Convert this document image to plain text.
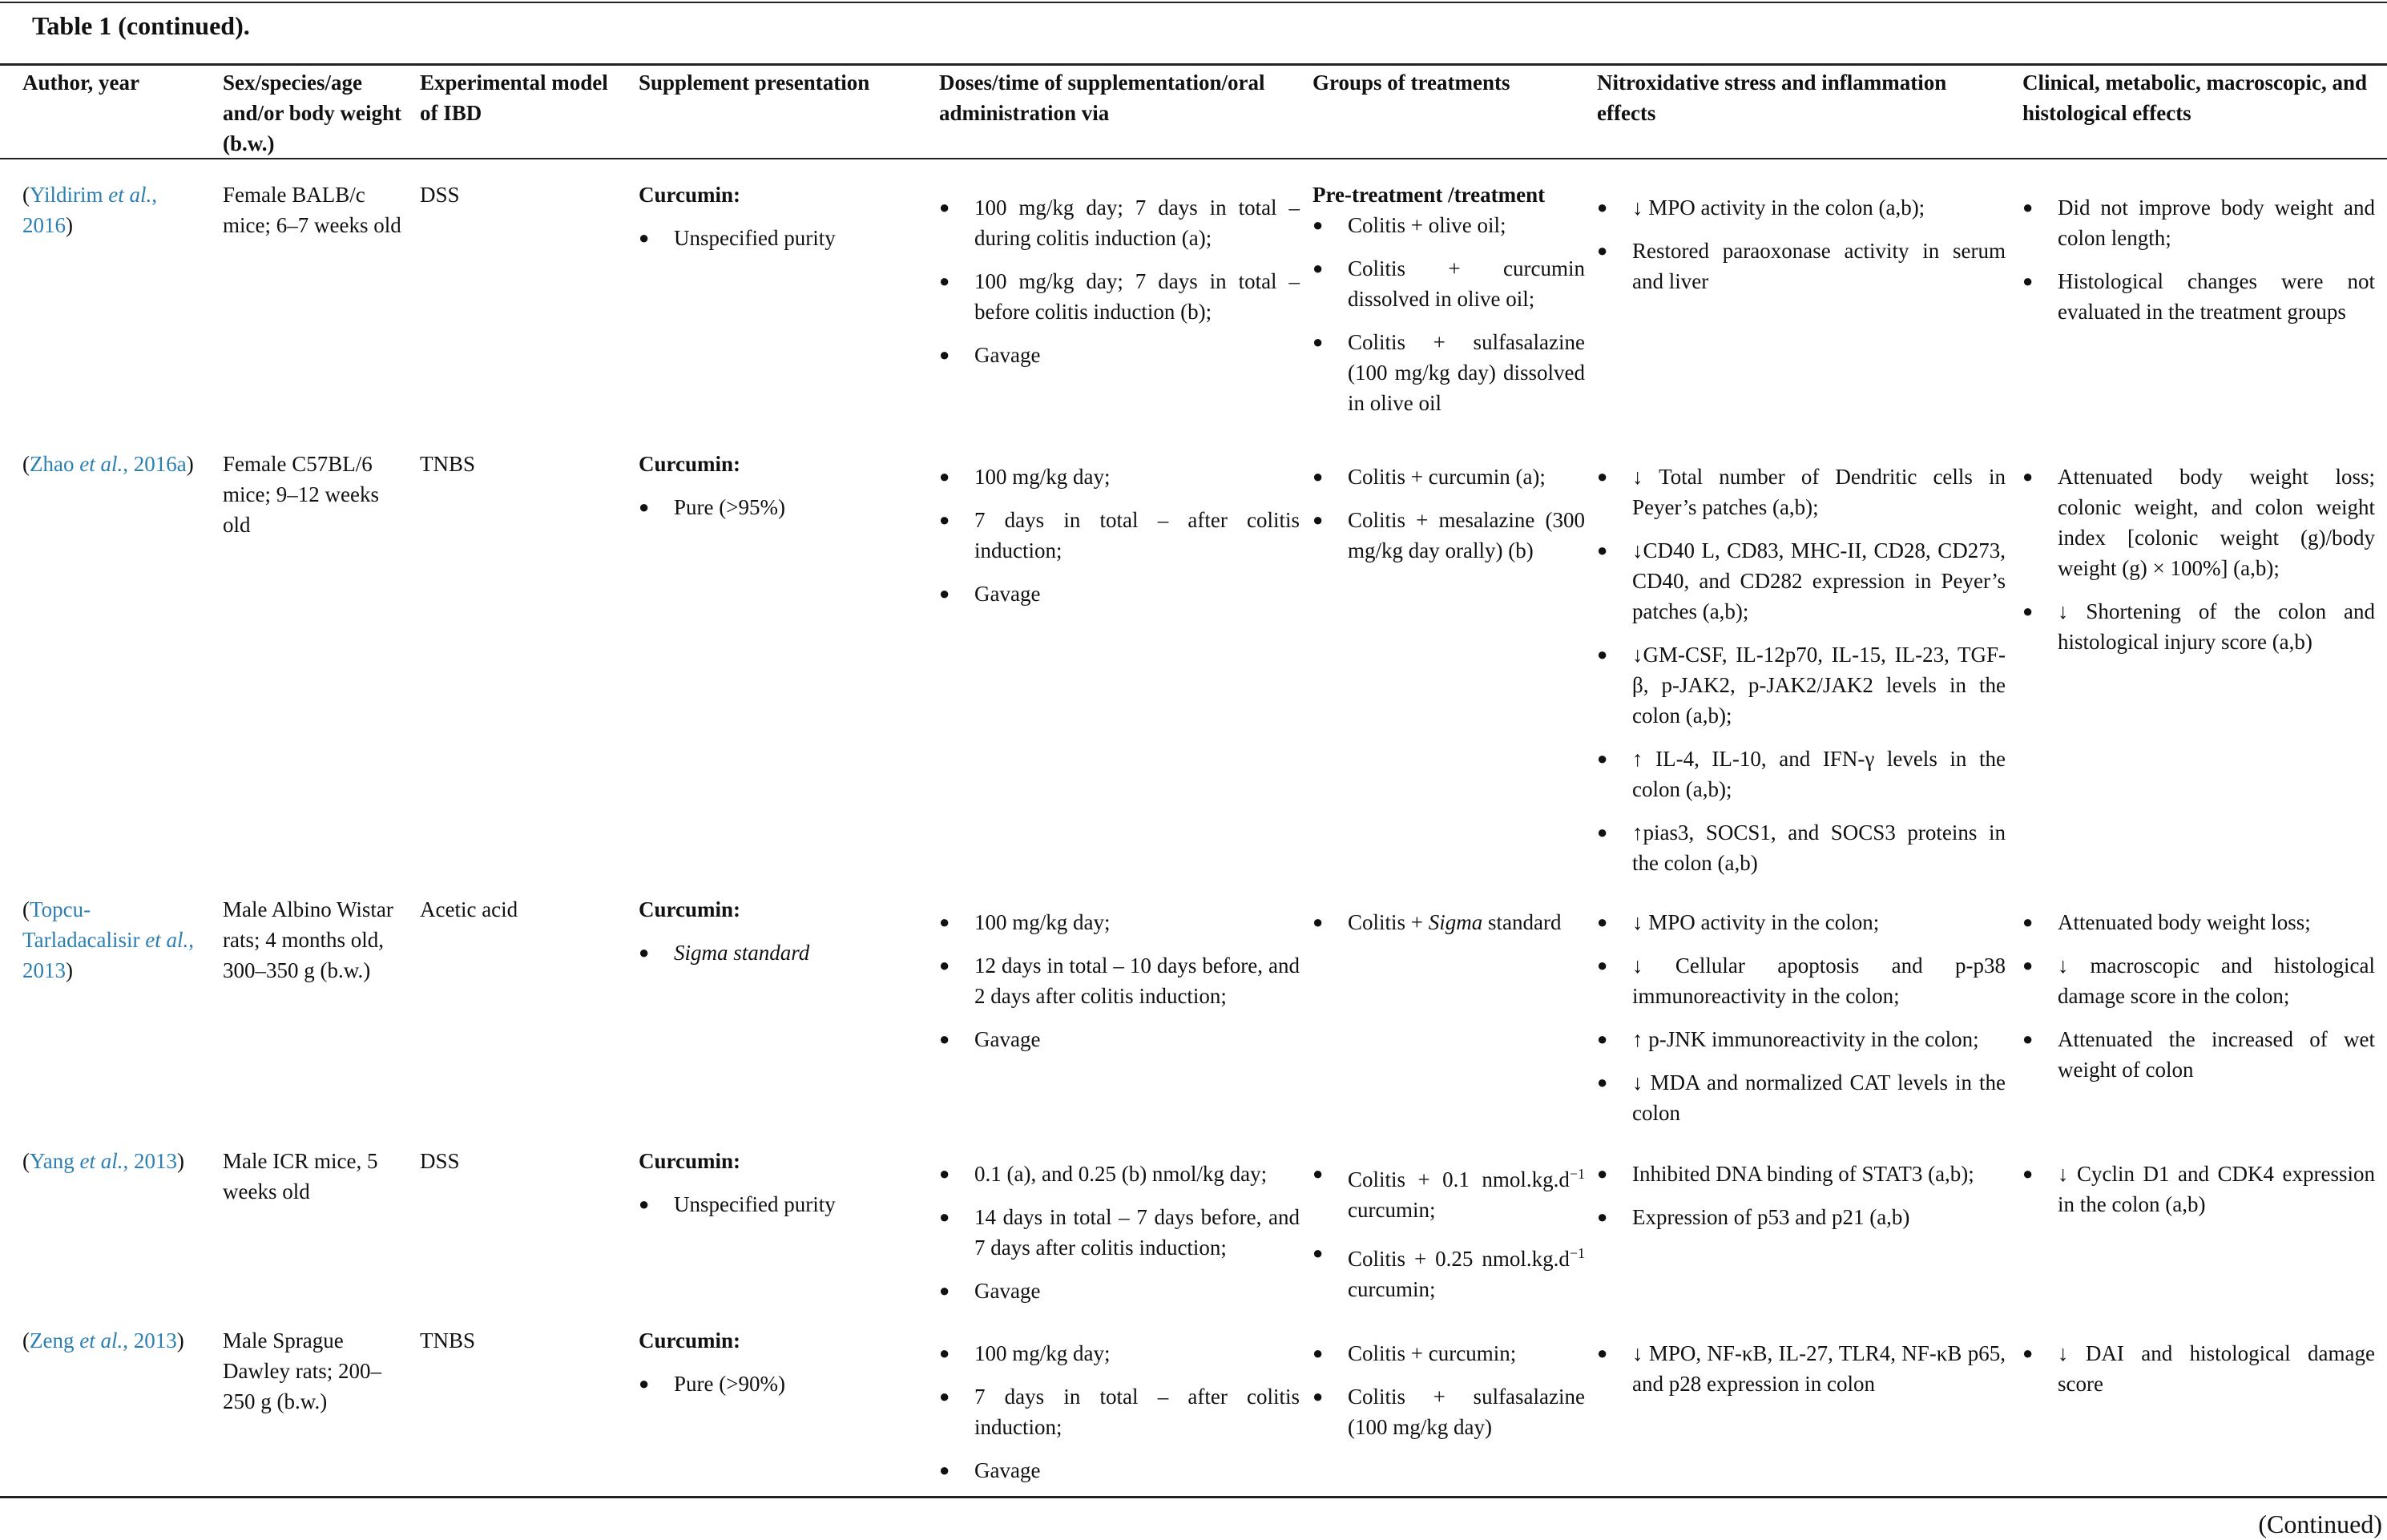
Table 1 (continued).
(Continued)
Author, year	Sex/species/age and/or body weight (b.w.)
Experimental model of IBD
Supplement presentation	Doses/time of supplementation/oral administration via
Groups of treatments	Nitroxidative stress and inflammation effects
Clinical, metabolic, macroscopic, and histological effects
(Yildirim et al., 2016)
Female BALB/c mice; 6–7 weeks old
DSS	Curcumin:
● Unspecified purity
● 100 mg/kg day; 7 days in total – during colitis induction (a);
● 100 mg/kg day; 7 days in total – before colitis induction (b);
● Gavage
Pre-treatment /treatment
● Colitis + olive oil;
● Colitis + curcumin dissolved in olive oil;
● Colitis + sulfasalazine (100 mg/kg day) dissolved in olive oil
● ↓ MPO activity in the colon (a,b);
● Restored paraoxonase activity in serum and liver
● Did not improve body weight and colon length;
● Histological changes were not evaluated in the treatment groups
(Zhao et al., 2016a)	Female C57BL/6 mice; 9–12 weeks old
TNBS	Curcumin:
● Pure (>95%)
● 100 mg/kg day;
● 7 days in total – after colitis induction;
● Gavage
● Colitis + curcumin (a);
● Colitis + mesalazine (300 mg/kg day orally) (b)
● ↓ Total number of Dendritic cells in Peyer’s patches (a,b);
● ↓CD40 L, CD83, MHC-II, CD28, CD273, CD40, and CD282 expression in Peyer’s patches (a,b);
● ↓GM-CSF, IL-12p70, IL-15, IL-23, TGF-β, p-JAK2, p-JAK2/JAK2 levels in the colon (a,b);
● ↑ IL-4, IL-10, and IFN-γ levels in the colon (a,b);
● ↑pias3, SOCS1, and SOCS3 proteins in the colon (a,b)
● Attenuated body weight loss; colonic weight, and colon weight index [colonic weight (g)/body weight (g) × 100%] (a,b);
● ↓ Shortening of the colon and histological injury score (a,b)
(Topcu-Tarladacalisir et al., 2013)
Male Albino Wistar rats; 4 months old, 300–350 g (b.w.)
Acetic acid	Curcumin:
● Sigma standard
● 100 mg/kg day;
● 12 days in total – 10 days before, and 2 days after colitis induction;
● Gavage
● Colitis + Sigma standard
●	↓ MPO activity in the colon;
● ↓ Cellular apoptosis and p-p38 immunoreactivity in the colon;
● ↑ p-JNK immunoreactivity in the colon;
● ↓ MDA and normalized CAT levels in the colon
● Attenuated body weight loss;
● ↓ macroscopic and histological damage score in the colon;
● Attenuated the increased of wet weight of colon
(Yang et al., 2013)	Male ICR mice, 5 weeks old
DSS	Curcumin:
● Unspecified purity
● 0.1 (a), and 0.25 (b) nmol/kg day;
● 14 days in total – 7 days before, and 7 days after colitis induction;
● Gavage
● Colitis + 0.1 $nmol.kg.d^{-1}$ curcumin;
● Colitis + 0.25 $nmol.kg.d^{-1}$ curcumin;
● Inhibited DNA binding of STAT3 (a,b);
● Expression of p53 and p21 (a,b)
● ↓ Cyclin D1 and CDK4 expression in the colon (a,b)
(Zeng et al., 2013)	Male Sprague Dawley rats; 200–250 g (b.w.)
TNBS	Curcumin:
● Pure (>90%)
● 100 mg/kg day;
● 7 days in total – after colitis induction;
● Gavage
● Colitis + curcumin;
● Colitis + sulfasalazine (100 mg/kg day)
● ↓ MPO, NF-κB, IL-27, TLR4, NF-κB p65, and p28 expression in colon
● ↓ DAI and histological damage score
